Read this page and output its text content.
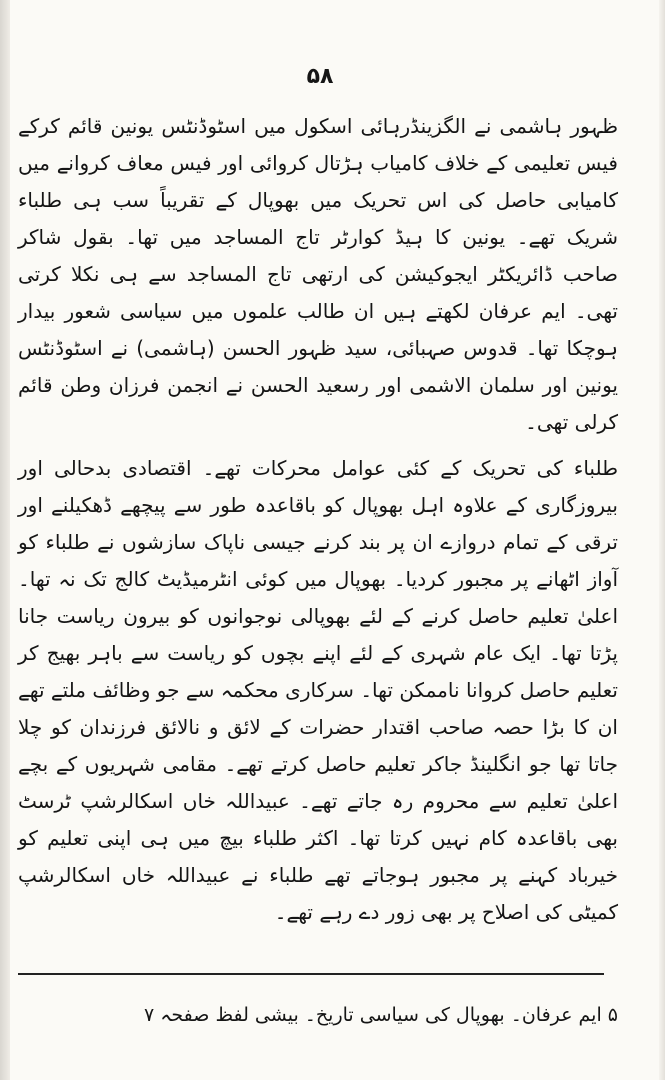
۵۸

ظہور ہاشمی نے الگزینڈرہائی اسکول میں اسٹوڈنٹس یونین قائم کرکے فیس تعلیمی کے خلاف کامیاب ہڑتال کروائی اور فیس معاف کروانے میں کامیابی حاصل کی اس تحریک میں بھوپال کے تقریباً سب ہی طلباء شریک تھے۔ یونین کا ہیڈ کوارٹر تاج المساجد میں تھا۔ بقول شاکر صاحب ڈائریکٹر ایجوکیشن کی ارتھی تاج المساجد سے ہی نکلا کرتی تھی۔ ایم عرفان لکھتے ہیں ان طالب علموں میں سیاسی شعور بیدار ہوچکا تھا۔ قدوس صہبائی، سید ظہور الحسن (ہاشمی) نے اسٹوڈنٹس یونین اور سلمان الاشمی اور رسعید الحسن نے انجمن فرزان وطن قائم کرلی تھی۔

طلباء کی تحریک کے کئی عوامل محرکات تھے۔ اقتصادی بدحالی اور بیروزگاری کے علاوہ اہل بھوپال کو باقاعدہ طور سے پیچھے ڈھکیلنے اور ترقی کے تمام دروازے ان پر بند کرنے جیسی ناپاک سازشوں نے طلباء کو آواز اٹھانے پر مجبور کردیا۔ بھوپال میں کوئی انٹرمیڈیٹ کالج تک نہ تھا۔ اعلیٰ تعلیم حاصل کرنے کے لئے بھوپالی نوجوانوں کو بیرون ریاست جانا پڑتا تھا۔ ایک عام شہری کے لئے اپنے بچوں کو ریاست سے باہر بھیج کر تعلیم حاصل کروانا ناممکن تھا۔ سرکاری محکمہ سے جو وظائف ملتے تھے ان کا بڑا حصہ صاحب اقتدار حضرات کے لائق و نالائق فرزندان کو چلا جاتا تھا جو انگلینڈ جاکر تعلیم حاصل کرتے تھے۔ مقامی شہریوں کے بچے اعلیٰ تعلیم سے محروم رہ جاتے تھے۔ عبیداللہ خاں اسکالرشپ ٹرسٹ بھی باقاعدہ کام نہیں کرتا تھا۔ اکثر طلباء بیچ میں ہی اپنی تعلیم کو خیرباد کہنے پر مجبور ہوجاتے تھے طلباء نے عبیداللہ خاں اسکالرشپ کمیٹی کی اصلاح پر بھی زور دے رہے تھے۔

۵ ایم عرفان۔ بھوپال کی سیاسی تاریخ۔ بیشی لفظ صفحہ ۷
